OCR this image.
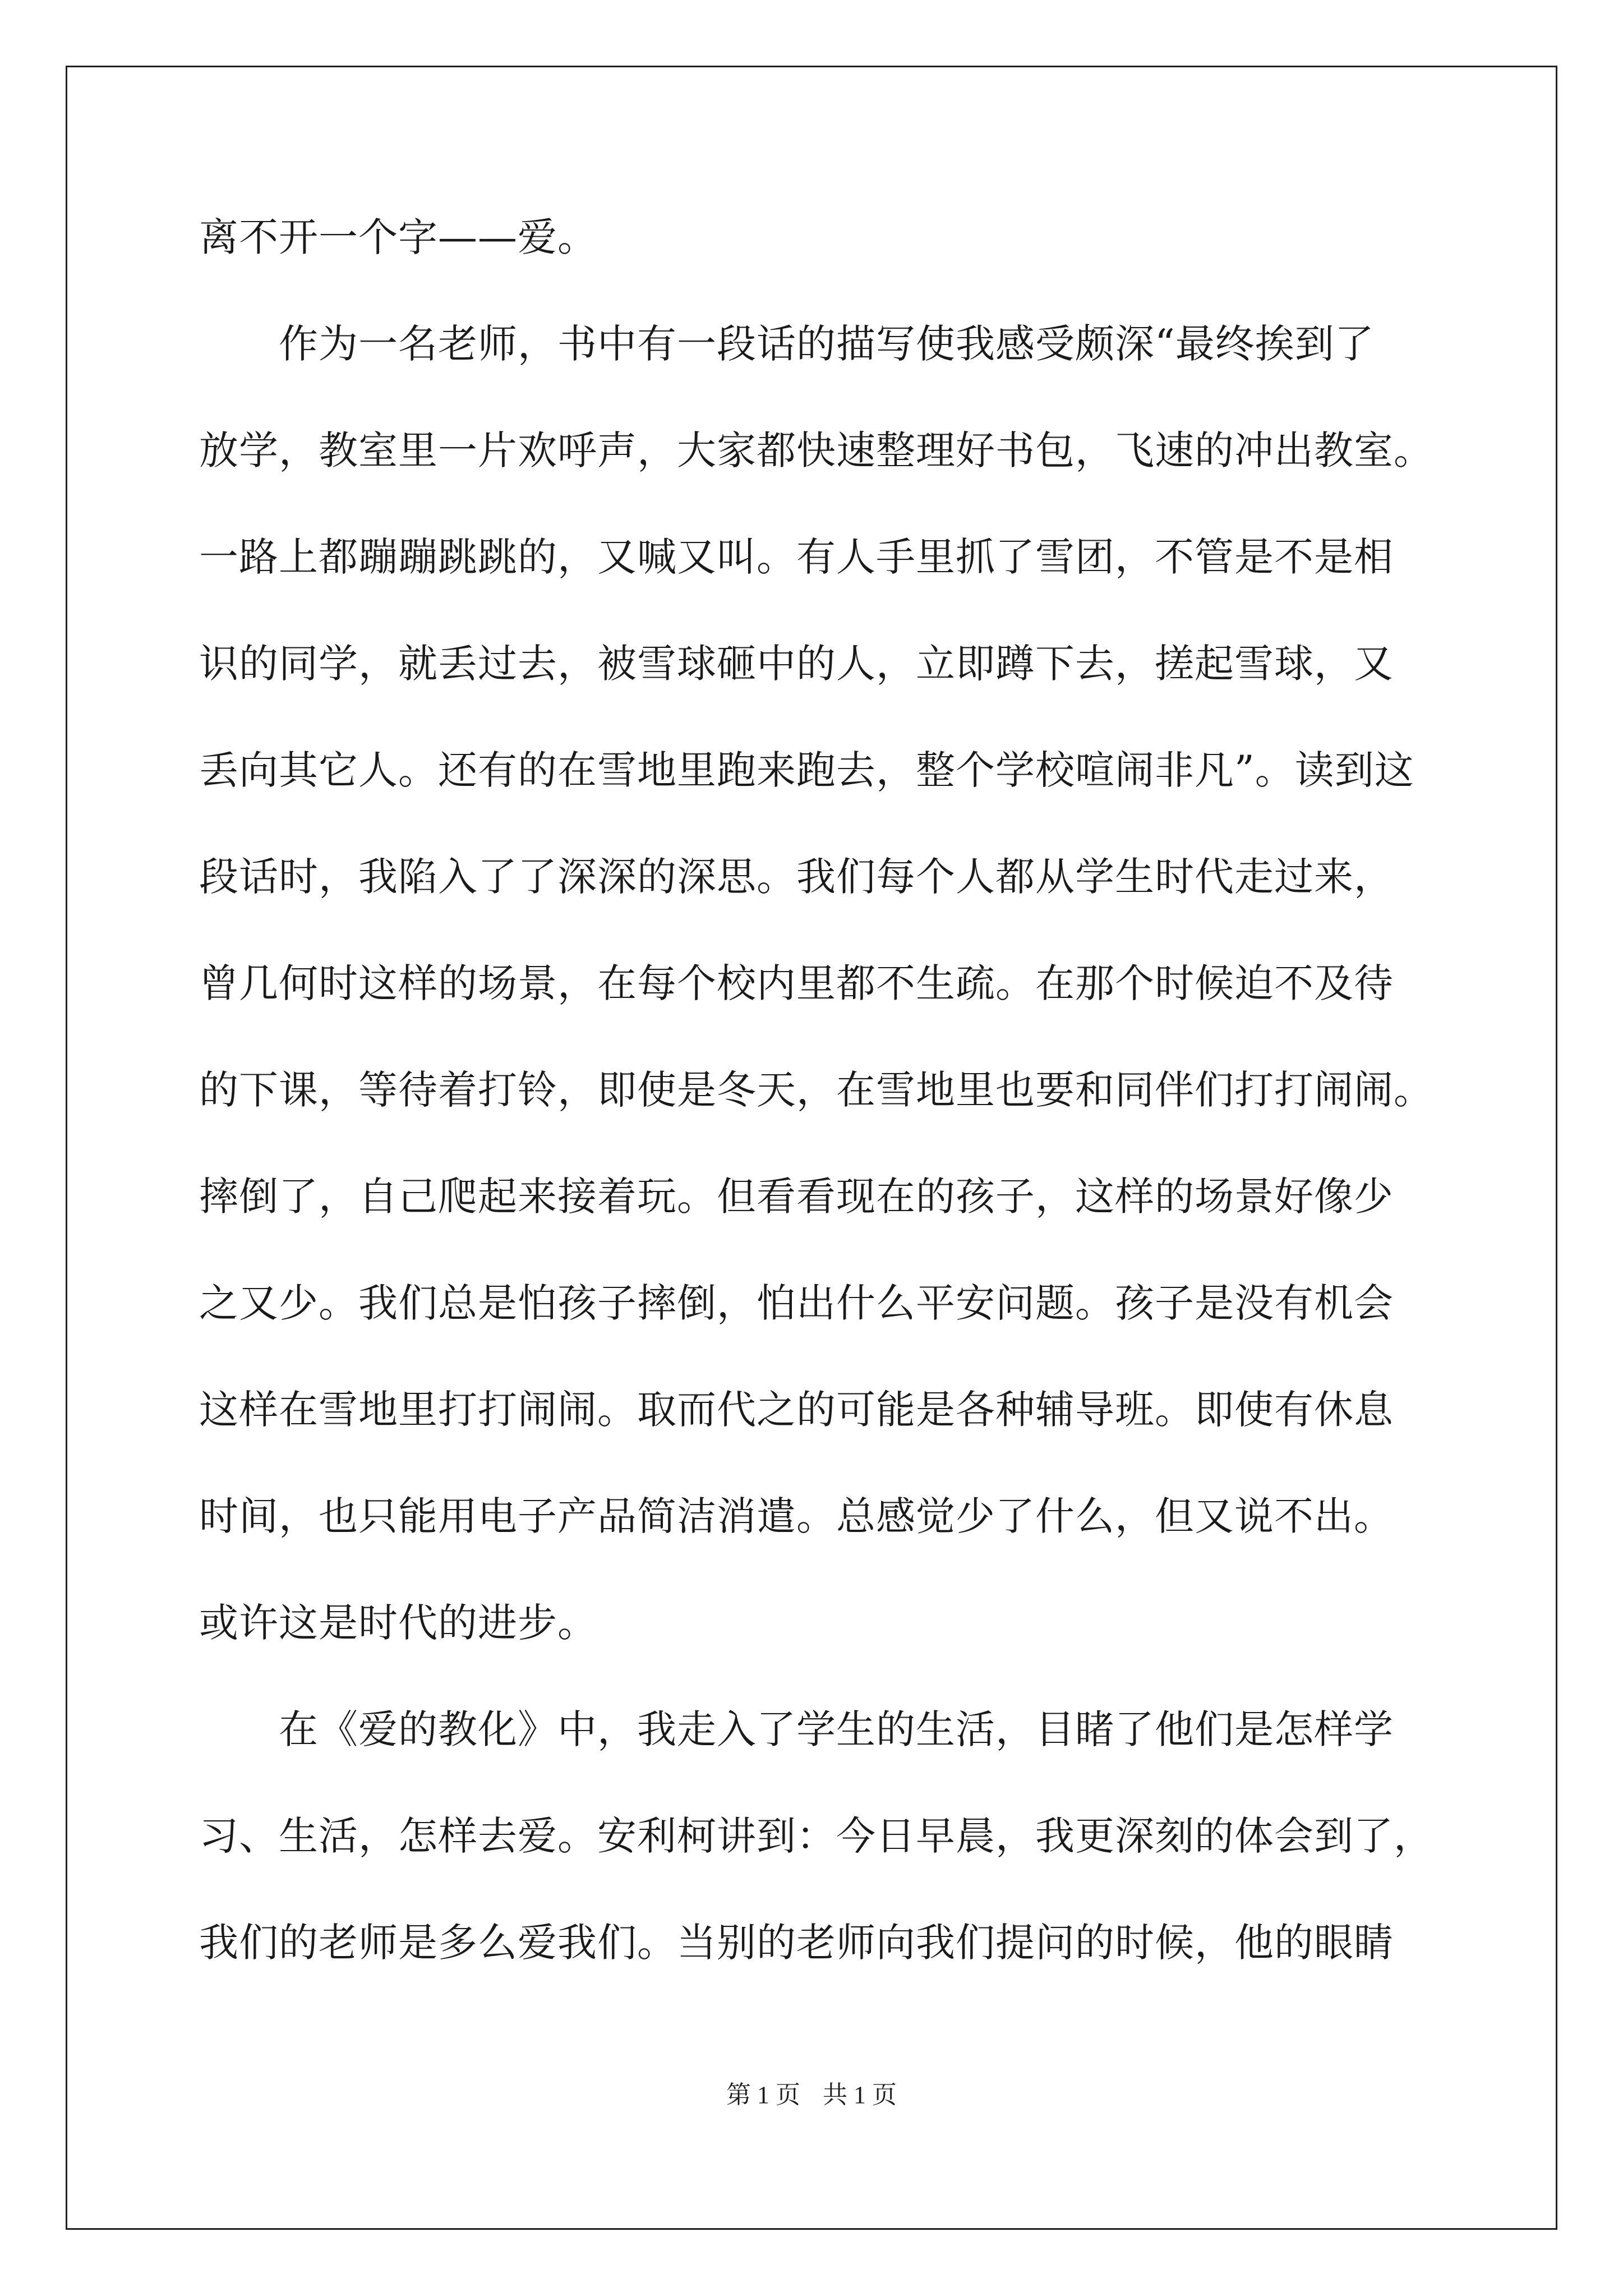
离不开一个字——爱。
　　作为一名老师，书中有一段话的描写使我感受颇深“最终挨到了
放学，教室里一片欢呼声，大家都快速整理好书包，飞速的冲出教室。
一路上都蹦蹦跳跳的，又喊又叫。有人手里抓了雪团，不管是不是相
识的同学，就丢过去，被雪球砸中的人，立即蹲下去，搓起雪球，又
丢向其它人。还有的在雪地里跑来跑去，整个学校喧闹非凡”。读到这
段话时，我陷入了了深深的深思。我们每个人都从学生时代走过来，
曾几何时这样的场景，在每个校内里都不生疏。在那个时候迫不及待
的下课，等待着打铃，即使是冬天，在雪地里也要和同伴们打打闹闹。
摔倒了，自己爬起来接着玩。但看看现在的孩子，这样的场景好像少
之又少。我们总是怕孩子摔倒，怕出什么平安问题。孩子是没有机会
这样在雪地里打打闹闹。取而代之的可能是各种辅导班。即使有休息
时间，也只能用电子产品简洁消遣。总感觉少了什么，但又说不出。
或许这是时代的进步。
　　在《爱的教化》中，我走入了学生的生活，目睹了他们是怎样学
习、生活，怎样去爱。安利柯讲到：今日早晨，我更深刻的体会到了，
我们的老师是多么爱我们。当别的老师向我们提问的时候，他的眼睛
第 1 页 共 1 页
